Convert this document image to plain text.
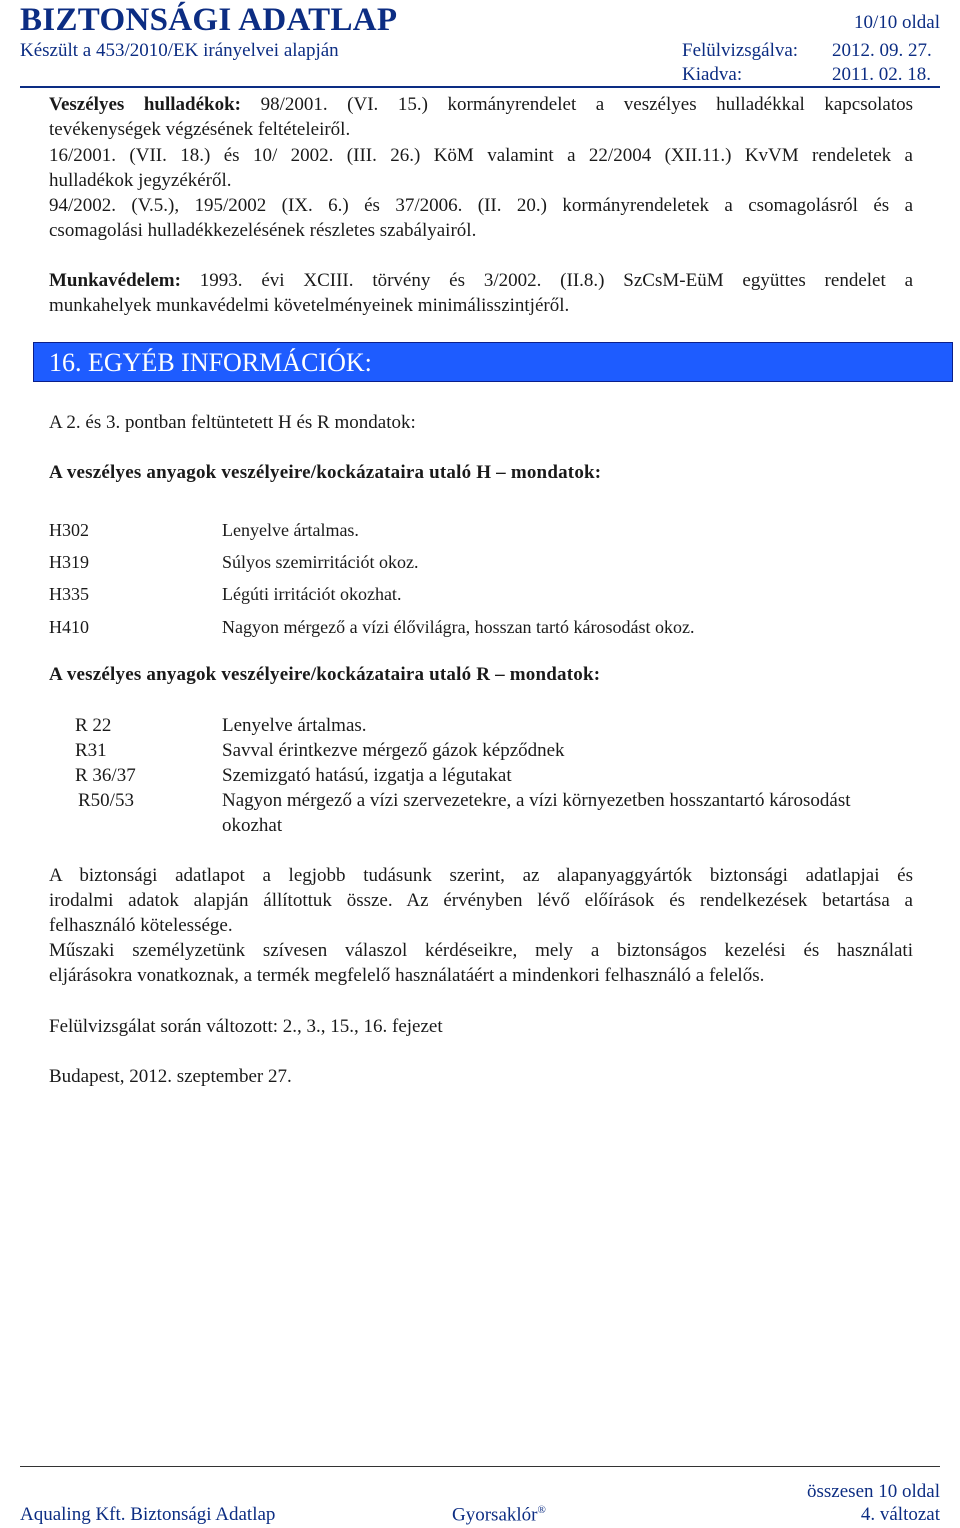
BIZTONSÁGI ADATLAP	10/10 oldal
Készült a 453/2010/EK irányelvei alapján	Felülvizsgálva: 2012. 09. 27.
Kiadva:	2011. 02. 18.
Veszélyes hulladékok: 98/2001. (VI. 15.) kormányrendelet a veszélyes hulladékkal kapcsolatos
tevékenységek végzésének feltételeiről.
16/2001. (VII. 18.) és 10/ 2002. (III. 26.) KöM valamint a 22/2004 (XII.11.) KvVM rendeletek a
hulladékok jegyzékéről.
94/2002. (V.5.), 195/2002 (IX. 6.) és 37/2006. (II. 20.) kormányrendeletek a csomagolásról és a
csomagolási hulladékkezelésének részletes szabályairól.
Munkavédelem: 1993. évi XCIII. törvény és 3/2002. (II.8.) SzCsM-EüM együttes rendelet a
munkahelyek munkavédelmi követelményeinek minimálisszintjéről.
16. EGYÉB INFORMÁCIÓK:
A 2. és 3. pontban feltüntetett H és R mondatok:
A veszélyes anyagok veszélyeire/kockázataira utaló H – mondatok:
H302	Lenyelve ártalmas.
H319	Súlyos szemirritációt okoz.
H335	Légúti irritációt okozhat.
H410	Nagyon mérgező a vízi élővilágra, hosszan tartó károsodást okoz.
A veszélyes anyagok veszélyeire/kockázataira utaló R – mondatok:
R 22	Lenyelve ártalmas.
R31	Savval érintkezve mérgező gázok képződnek
R 36/37	Szemizgató hatású, izgatja a légutakat
R50/53	Nagyon mérgező a vízi szervezetekre, a vízi környezetben hosszantartó károsodást
okozhat
A biztonsági adatlapot a legjobb tudásunk szerint, az alapanyaggyártók biztonsági adatlapjai és
irodalmi adatok alapján állítottuk össze. Az érvényben lévő előírások és rendelkezések betartása a
felhasználó kötelessége.
Műszaki személyzetünk szívesen válaszol kérdéseikre, mely a biztonságos kezelési és használati
eljárásokra vonatkoznak, a termék megfelelő használatáért a mindenkori felhasználó a felelős.
Felülvizsgálat során változott: 2., 3., 15., 16. fejezet
Budapest, 2012. szeptember 27.
összesen 10 oldal
Aqualing Kft. Biztonsági Adatlap	Gyorsaklór®	4. változat
